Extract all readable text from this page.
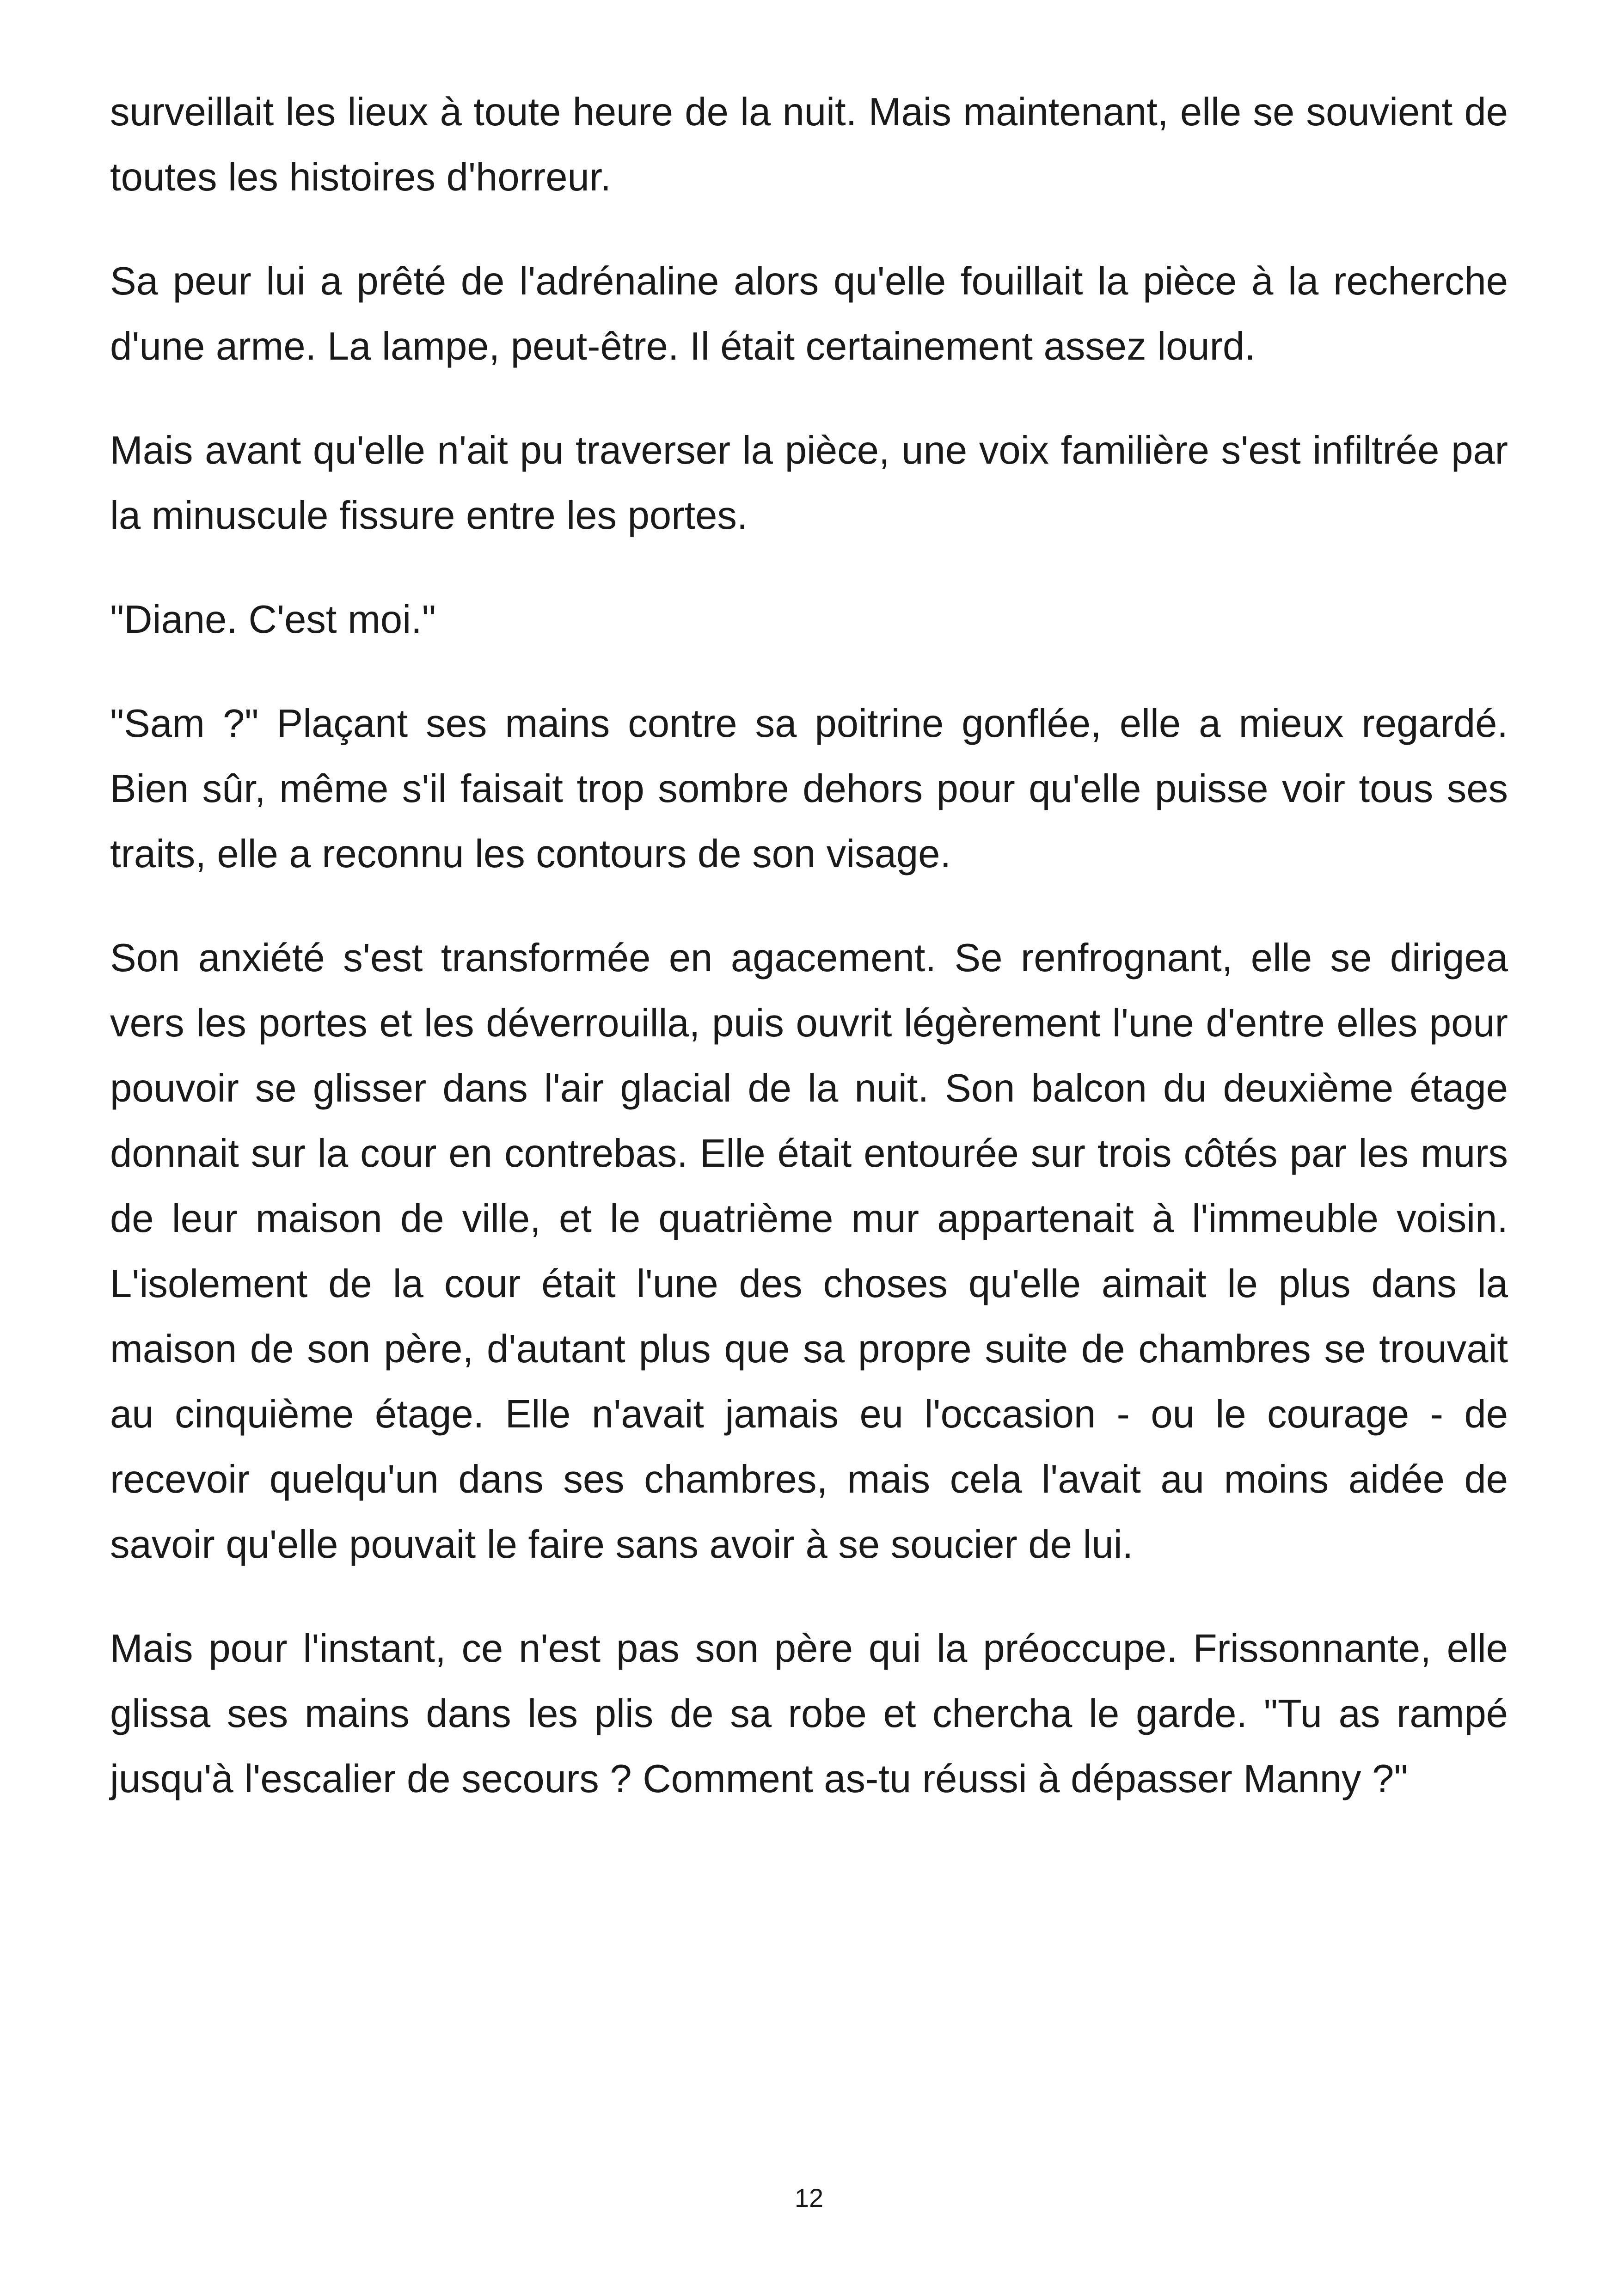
surveillait les lieux à toute heure de la nuit. Mais maintenant, elle se souvient de toutes les histoires d'horreur.

Sa peur lui a prêté de l'adrénaline alors qu'elle fouillait la pièce à la recherche d'une arme. La lampe, peut-être. Il était certainement assez lourd.

Mais avant qu'elle n'ait pu traverser la pièce, une voix familière s'est infiltrée par la minuscule fissure entre les portes.

"Diane. C'est moi."

"Sam ?" Plaçant ses mains contre sa poitrine gonflée, elle a mieux regardé. Bien sûr, même s'il faisait trop sombre dehors pour qu'elle puisse voir tous ses traits, elle a reconnu les contours de son visage.

Son anxiété s'est transformée en agacement. Se renfrognant, elle se dirigea vers les portes et les déverrouilla, puis ouvrit légèrement l'une d'entre elles pour pouvoir se glisser dans l'air glacial de la nuit. Son balcon du deuxième étage donnait sur la cour en contrebas. Elle était entourée sur trois côtés par les murs de leur maison de ville, et le quatrième mur appartenait à l'immeuble voisin. L'isolement de la cour était l'une des choses qu'elle aimait le plus dans la maison de son père, d'autant plus que sa propre suite de chambres se trouvait au cinquième étage. Elle n'avait jamais eu l'occasion - ou le courage - de recevoir quelqu'un dans ses chambres, mais cela l'avait au moins aidée de savoir qu'elle pouvait le faire sans avoir à se soucier de lui.

Mais pour l'instant, ce n'est pas son père qui la préoccupe. Frissonnante, elle glissa ses mains dans les plis de sa robe et chercha le garde. "Tu as rampé jusqu'à l'escalier de secours ? Comment as-tu réussi à dépasser Manny ?"

12
